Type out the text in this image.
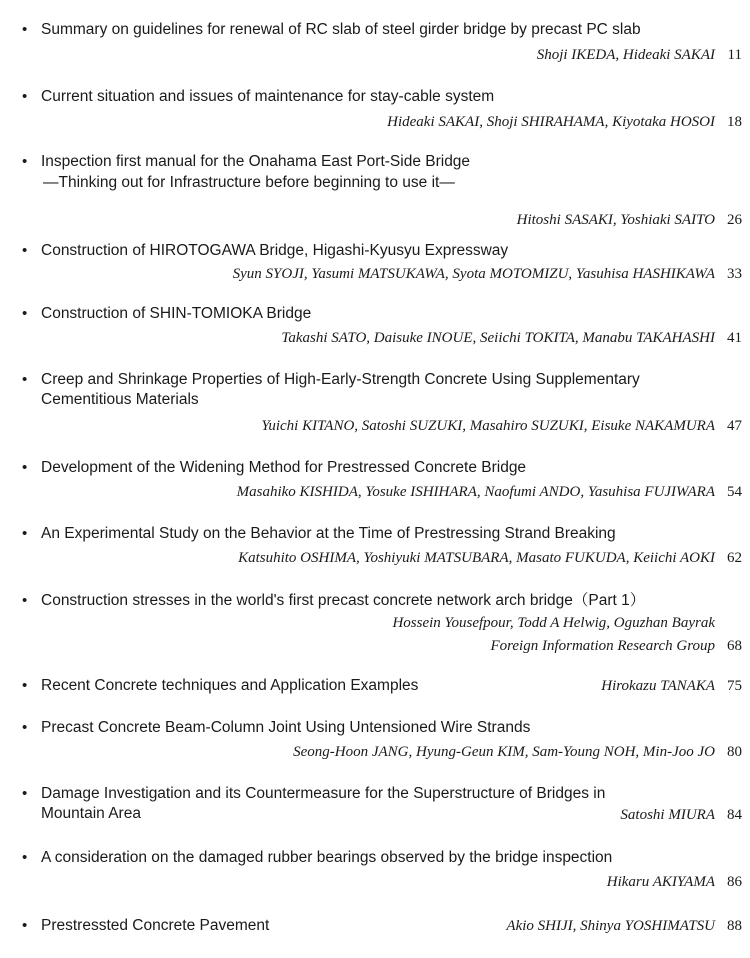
• Summary on guidelines for renewal of RC slab of steel girder bridge by precast PC slab
Shoji IKEDA, Hideaki SAKAI 11
• Current situation and issues of maintenance for stay-cable system
Hideaki SAKAI, Shoji SHIRAHAMA, Kiyotaka HOSOI 18
• Inspection first manual for the Onahama East Port-Side Bridge
—Thinking out for Infrastructure before beginning to use it—
Hitoshi SASAKI, Yoshiaki SAITO 26
• Construction of HIROTOGAWA Bridge, Higashi-Kyusyu Expressway
Syun SYOJI, Yasumi MATSUKAWA, Syota MOTOMIZU, Yasuhisa HASHIKAWA 33
• Construction of SHIN-TOMIOKA Bridge
Takashi SATO, Daisuke INOUE, Seiichi TOKITA, Manabu TAKAHASHI 41
• Creep and Shrinkage Properties of High-Early-Strength Concrete Using Supplementary Cementitious Materials
Yuichi KITANO, Satoshi SUZUKI, Masahiro SUZUKI, Eisuke NAKAMURA 47
• Development of the Widening Method for Prestressed Concrete Bridge
Masahiko KISHIDA, Yosuke ISHIHARA, Naofumi ANDO, Yasuhisa FUJIWARA 54
• An Experimental Study on the Behavior at the Time of Prestressing Strand Breaking
Katsuhito OSHIMA, Yoshiyuki MATSUBARA, Masato FUKUDA, Keiichi AOKI 62
• Construction stresses in the world's first precast concrete network arch bridge（Part 1）
Hossein Yousefpour, Todd A Helwig, Oguzhan Bayrak
Foreign Information Research Group 68
• Recent Concrete techniques and Application Examples	Hirokazu TANAKA 75
• Precast Concrete Beam-Column Joint Using Untensioned Wire Strands
Seong-Hoon JANG, Hyung-Geun KIM, Sam-Young NOH, Min-Joo JO 80
• Damage Investigation and its Countermeasure for the Superstructure of Bridges in Mountain Area	Satoshi MIURA 84
• A consideration on the damaged rubber bearings observed by the bridge inspection
Hikaru AKIYAMA 86
• Prestressted Concrete Pavement	Akio SHIJI, Shinya YOSHIMATSU 88
